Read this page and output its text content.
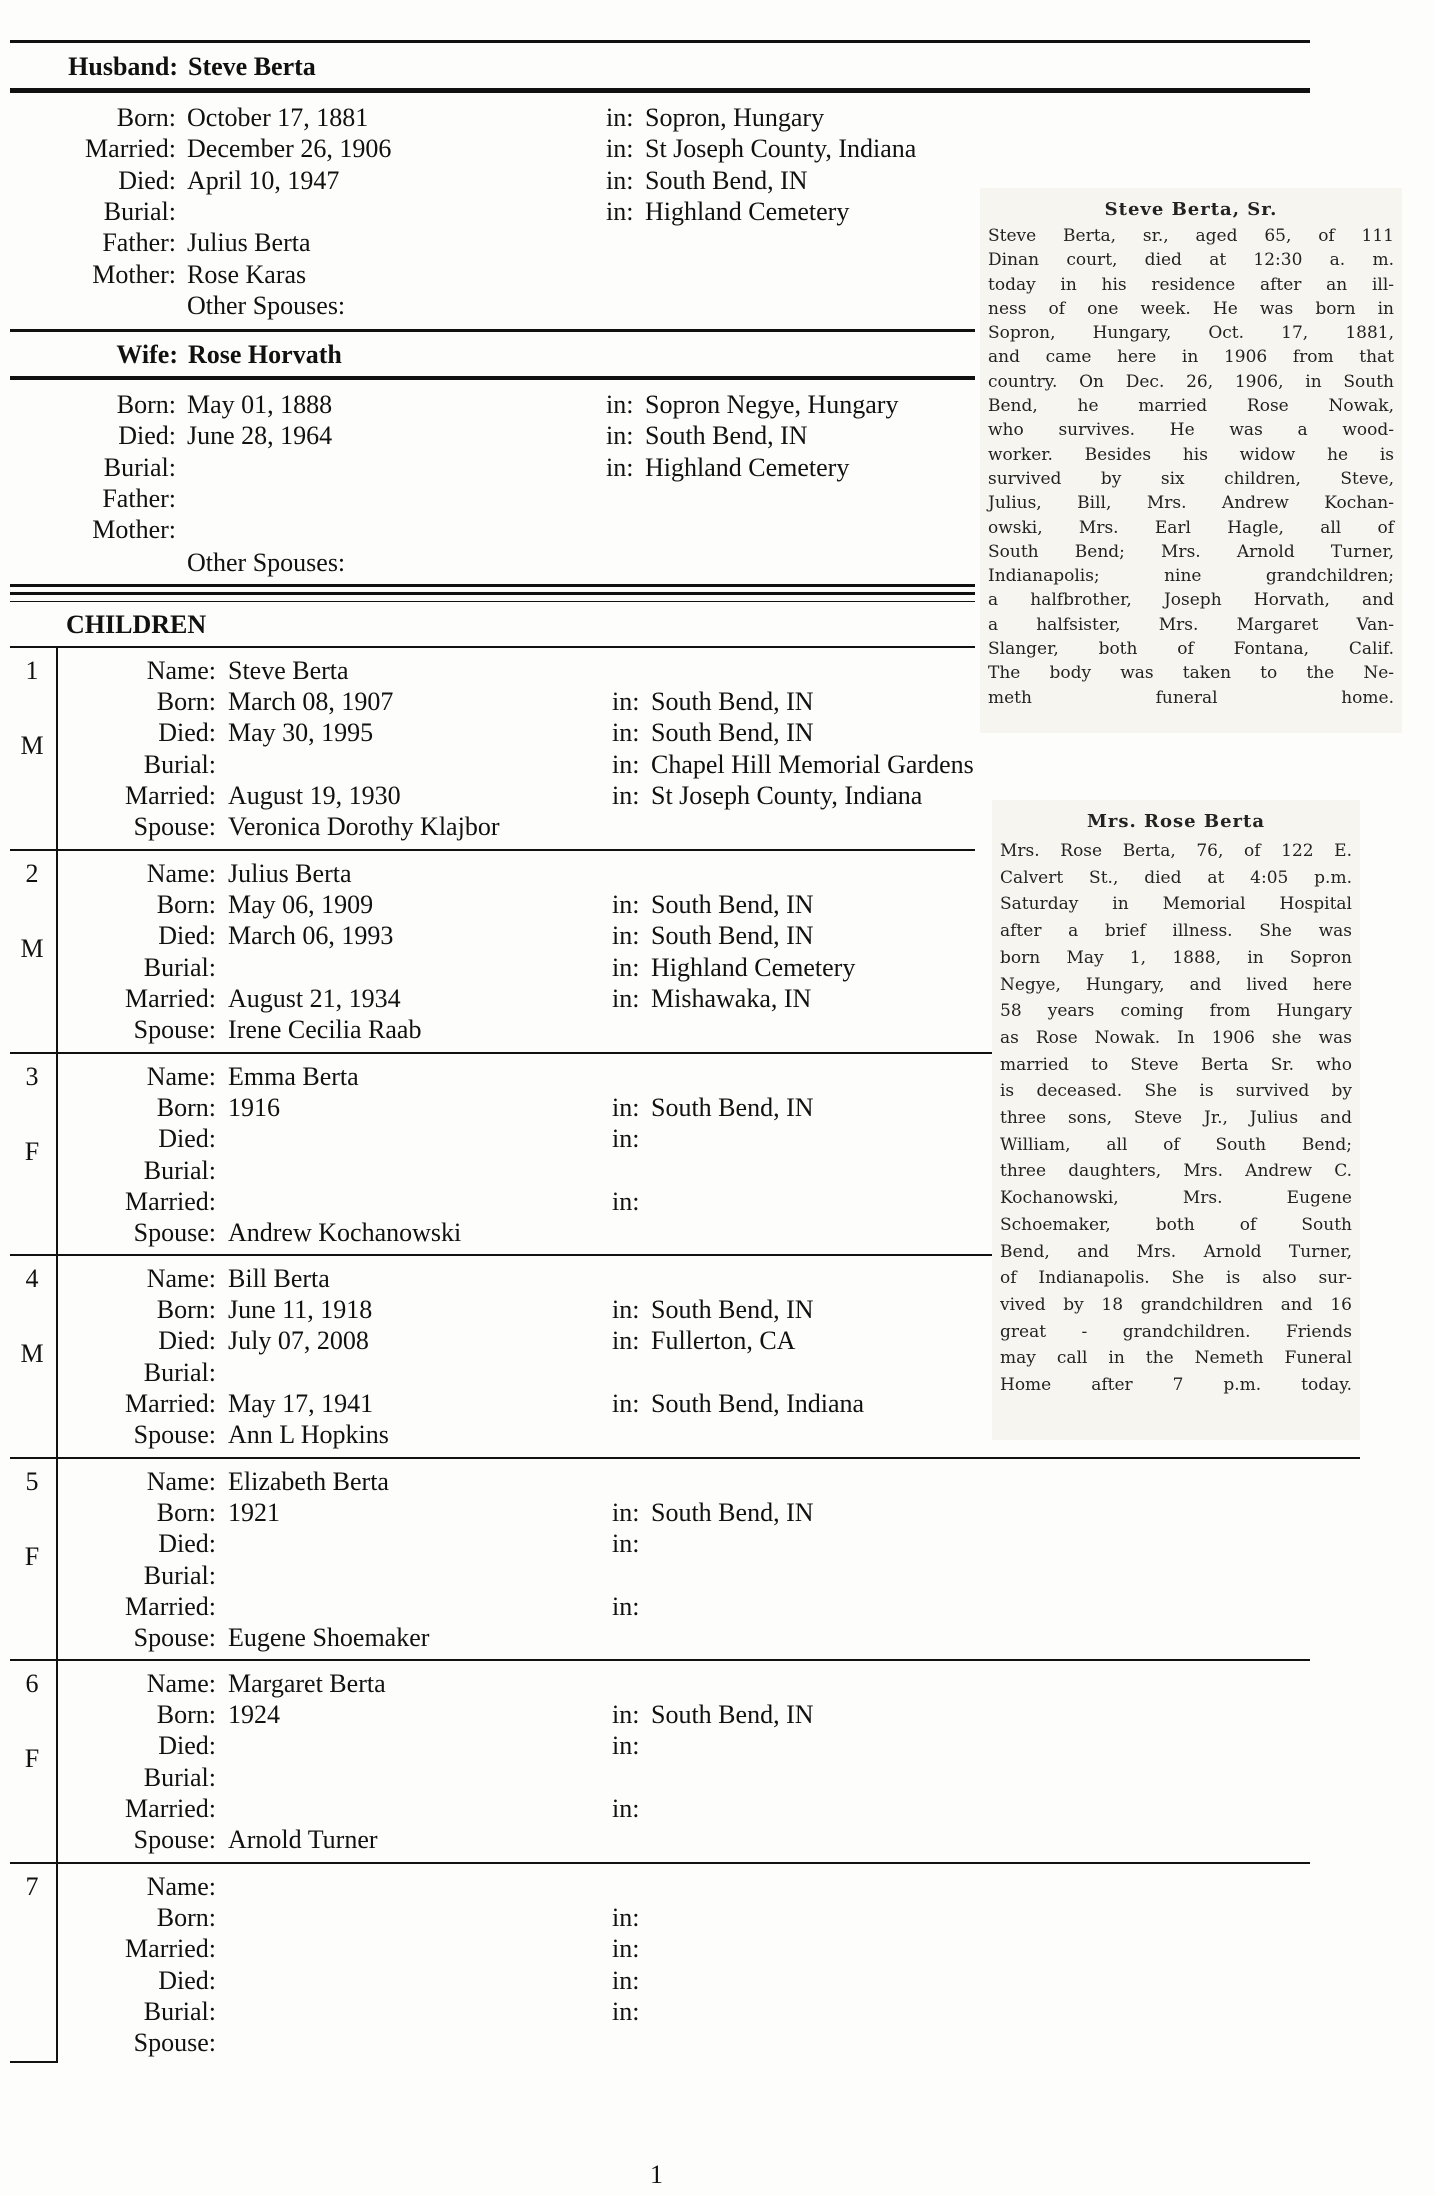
Husband: Steve Berta
Born: October 17, 1881	in: Sopron, Hungary
Married: December 26, 1906	in: St Joseph County, Indiana
Died: April 10, 1947	in: South Bend, IN
Burial:	in: Highland Cemetery
Father: Julius Berta
Mother: Rose Karas
Other Spouses:
Wife: Rose Horvath
Born: May 01, 1888	in: Sopron Negye, Hungary
Died: June 28, 1964	in: South Bend, IN
Burial:	in: Highland Cemetery
Father:
Mother:
Other Spouses:
CHILDREN
1
M
Name: Steve Berta
Born: March 08, 1907	in: South Bend, IN
Died: May 30, 1995	in: South Bend, IN
Burial:	in: Chapel Hill Memorial Gardens
Married: August 19, 1930	in: St Joseph County, Indiana
Spouse: Veronica Dorothy Klajbor
2
M
Name: Julius Berta
Born: May 06, 1909	in: South Bend, IN
Died: March 06, 1993	in: South Bend, IN
Burial:	in: Highland Cemetery
Married: August 21, 1934	in: Mishawaka, IN
Spouse: Irene Cecilia Raab
3
F
Name: Emma Berta
Born: 1916	in: South Bend, IN
Died:	in:
Burial:
Married:	in:
Spouse: Andrew Kochanowski
4
M
Name: Bill Berta
Born: June 11, 1918	in: South Bend, IN
Died: July 07, 2008	in: Fullerton, CA
Burial:
Married: May 17, 1941	in: South Bend, Indiana
Spouse: Ann L Hopkins
5
F
Name: Elizabeth Berta
Born: 1921	in: South Bend, IN
Died:	in:
Burial:
Married:	in:
Spouse: Eugene Shoemaker
6
F
Name: Margaret Berta
Born: 1924	in: South Bend, IN
Died:	in:
Burial:
Married:	in:
Spouse: Arnold Turner
7	Name:
Born:	in:
Married:	in:
Died:	in:
Burial:	in:
Spouse:
Steve Berta, Sr.
Steve Berta, sr., aged 65, of 111
Dinan court, died at 12:30 a. m.
today in his residence after an ill-
ness of one week. He was born in
Sopron, Hungary, Oct. 17, 1881,
and came here in 1906 from that
country. On Dec. 26, 1906, in South
Bend, he married Rose Nowak,
who survives. He was a wood-
worker. Besides his widow he is
survived by six children, Steve,
Julius, Bill, Mrs. Andrew Kochan-
owski, Mrs. Earl Hagle, all of
South Bend; Mrs. Arnold Turner,
Indianapolis; nine grandchildren;
a halfbrother, Joseph Horvath, and
a halfsister, Mrs. Margaret Van-
Slanger, both of Fontana, Calif.
The body was taken to the Ne-
meth funeral home.
Mrs. Rose Berta
Mrs. Rose Berta, 76, of 122 E.
Calvert St., died at 4:05 p.m.
Saturday in Memorial Hospital
after a brief illness. She was
born May 1, 1888, in Sopron
Negye, Hungary, and lived here
58 years coming from Hungary
as Rose Nowak. In 1906 she was
married to Steve Berta Sr. who
is deceased. She is survived by
three sons, Steve Jr., Julius and
William, all of South Bend;
three daughters, Mrs. Andrew C.
Kochanowski, Mrs. Eugene
Schoemaker, both of South
Bend, and Mrs. Arnold Turner,
of Indianapolis. She is also sur-
vived by 18 grandchildren and 16
great - grandchildren. Friends
may call in the Nemeth Funeral
Home after 7 p.m. today.
1
